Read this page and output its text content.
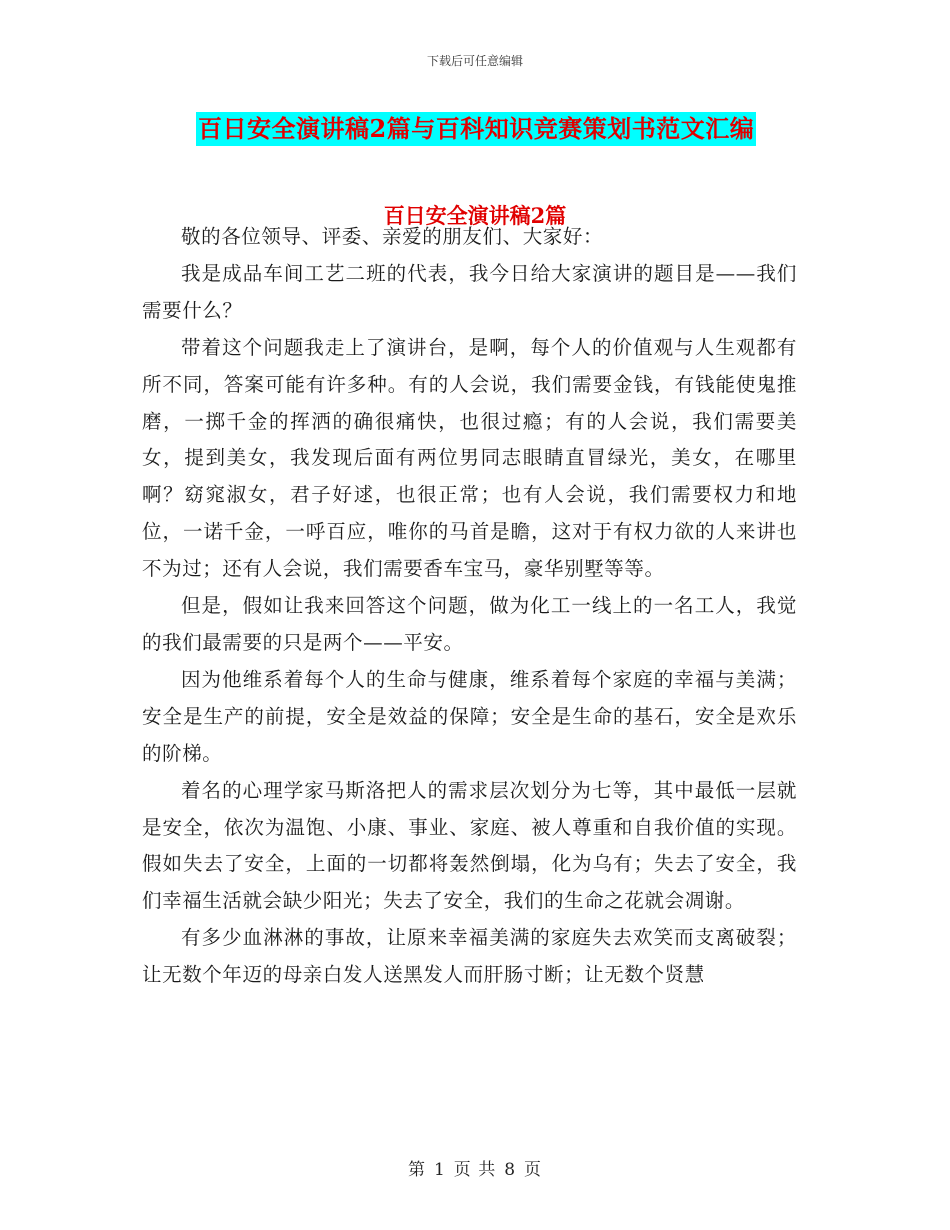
下载后可任意编辑
百日安全演讲稿2篇与百科知识竞赛策划书范文汇编
百日安全演讲稿2篇

敬的各位领导、评委、亲爱的朋友们、大家好：

我是成品车间工艺二班的代表，我今日给大家演讲的题目是——我们需要什么？

带着这个问题我走上了演讲台，是啊，每个人的价值观与人生观都有所不同，答案可能有许多种。有的人会说，我们需要金钱，有钱能使鬼推磨，一掷千金的挥洒的确很痛快，也很过瘾；有的人会说，我们需要美女，提到美女，我发现后面有两位男同志眼睛直冒绿光，美女，在哪里啊？窈窕淑女，君子好逑，也很正常；也有人会说，我们需要权力和地位，一诺千金，一呼百应，唯你的马首是瞻，这对于有权力欲的人来讲也不为过；还有人会说，我们需要香车宝马，豪华别墅等等。

但是，假如让我来回答这个问题，做为化工一线上的一名工人，我觉的我们最需要的只是两个——平安。

因为他维系着每个人的生命与健康，维系着每个家庭的幸福与美满；安全是生产的前提，安全是效益的保障；安全是生命的基石，安全是欢乐的阶梯。

着名的心理学家马斯洛把人的需求层次划分为七等，其中最低一层就是安全，依次为温饱、小康、事业、家庭、被人尊重和自我价值的实现。假如失去了安全，上面的一切都将轰然倒塌，化为乌有；失去了安全，我们幸福生活就会缺少阳光；失去了安全，我们的生命之花就会凋谢。

有多少血淋淋的事故，让原来幸福美满的家庭失去欢笑而支离破裂；让无数个年迈的母亲白发人送黑发人而肝肠寸断；让无数个贤慧

第 1 页 共 8 页
